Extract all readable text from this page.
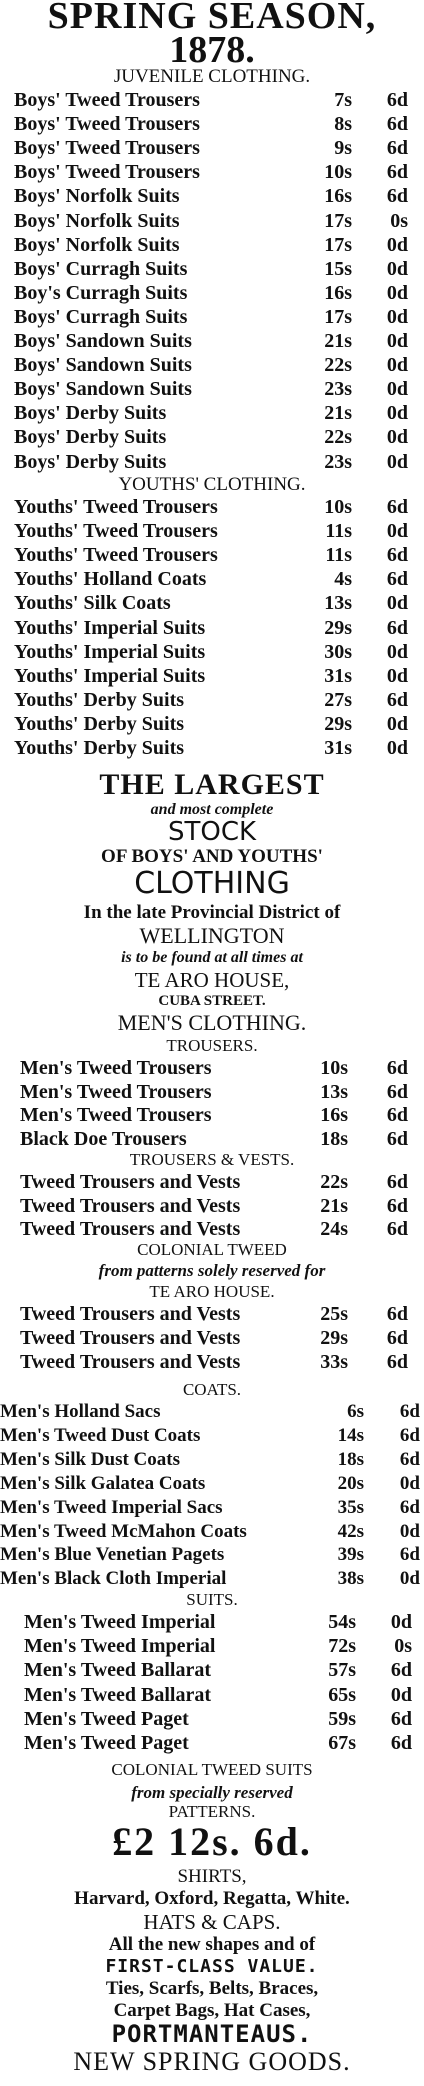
SPRING SEASON,
1878.
JUVENILE CLOTHING.
Boys' Tweed Trousers	7s 6d
Boys' Tweed Trousers	8s 6d
Boys' Tweed Trousers	9s 6d
Boys' Tweed Trousers	10s 6d
Boys' Norfolk Suits	16s 6d
Boys' Norfolk Suits	17s 0s
Boys' Norfolk Suits	17s 0d
Boys' Curragh Suits	15s 0d
Boy's Curragh Suits	16s 0d
Boys' Curragh Suits	17s 0d
Boys' Sandown Suits	21s 0d
Boys' Sandown Suits	22s 0d
Boys' Sandown Suits	23s 0d
Boys' Derby Suits	21s 0d
Boys' Derby Suits	22s 0d
Boys' Derby Suits	23s 0d
YOUTHS' CLOTHING.
Youths' Tweed Trousers	10s 6d
Youths' Tweed Trousers	11s 0d
Youths' Tweed Trousers	11s 6d
Youths' Holland Coats	4s 6d
Youths' Silk Coats	13s 0d
Youths' Imperial Suits	29s 6d
Youths' Imperial Suits	30s 0d
Youths' Imperial Suits	31s 0d
Youths' Derby Suits	27s 6d
Youths' Derby Suits	29s 0d
Youths' Derby Suits	31s 0d
THE LARGEST
and most complete
STOCK
OF BOYS' AND YOUTHS'
CLOTHING
In the late Provincial District of
WELLINGTON
is to be found at all times at
TE ARO HOUSE,
CUBA STREET.
MEN'S CLOTHING.
TROUSERS.
Men's Tweed Trousers	10s 6d
Men's Tweed Trousers	13s 6d
Men's Tweed Trousers	16s 6d
Black Doe Trousers	18s 6d
TROUSERS & VESTS.
Tweed Trousers and Vests	22s 6d
Tweed Trousers and Vests	21s 6d
Tweed Trousers and Vests	24s 6d
COLONIAL TWEED
from patterns solely reserved for
TE ARO HOUSE.
Tweed Trousers and Vests	25s 6d
Tweed Trousers and Vests	29s 6d
Tweed Trousers and Vests	33s 6d
COATS.
Men's Holland Sacs	6s 6d
Men's Tweed Dust Coats	14s 6d
Men's Silk Dust Coats	18s 6d
Men's Silk Galatea Coats	20s 0d
Men's Tweed Imperial Sacs	35s 6d
Men's Tweed McMahon Coats	42s 0d
Men's Blue Venetian Pagets	39s 6d
Men's Black Cloth Imperial	38s 0d
SUITS.
Men's Tweed Imperial	54s 0d
Men's Tweed Imperial	72s 0s
Men's Tweed Ballarat	57s 6d
Men's Tweed Ballarat	65s 0d
Men's Tweed Paget	59s 6d
Men's Tweed Paget	67s 6d
COLONIAL TWEED SUITS
from specially reserved
PATTERNS.
£2 12s. 6d.
SHIRTS,
Harvard, Oxford, Regatta, White.
HATS & CAPS.
All the new shapes and of
FIRST-CLASS VALUE.
Ties, Scarfs, Belts, Braces,
Carpet Bags, Hat Cases,
PORTMANTEAUS.
NEW SPRING GOODS.
